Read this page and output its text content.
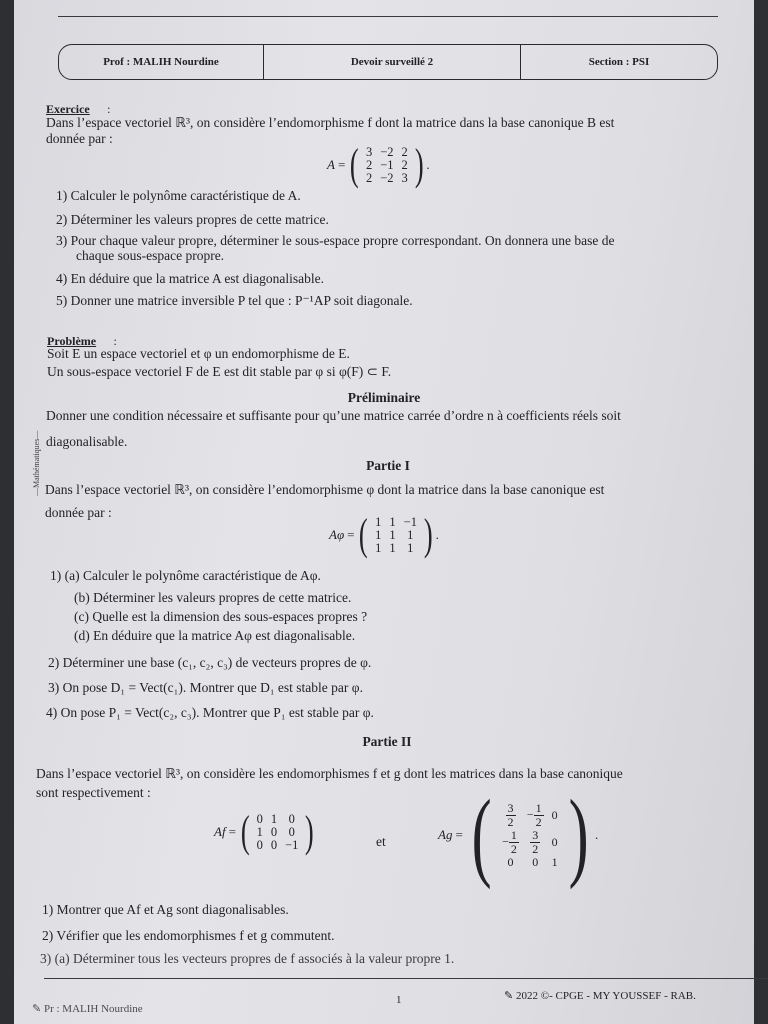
Prof : MALIH Nourdine	Devoir surveillé 2	Section : PSI
—Mathématiques—
Exercice :
Dans l’espace vectoriel ℝ³, on considère l’endomorphisme f dont la matrice dans la base canonique B est
donnée par :
A = ( 3	−2	2
2	−1	2
2	−2	3 ) .
1) Calculer le polynôme caractéristique de A.
2) Déterminer les valeurs propres de cette matrice.
3) Pour chaque valeur propre, déterminer le sous-espace propre correspondant. On donnera une base de
chaque sous-espace propre.
4) En déduire que la matrice A est diagonalisable.
5) Donner une matrice inversible P tel que : P⁻¹AP soit diagonale.
Problème :
Soit E un espace vectoriel et φ un endomorphisme de E.
Un sous-espace vectoriel F de E est dit stable par φ si φ(F) ⊂ F.
Préliminaire
Donner une condition nécessaire et suffisante pour qu’une matrice carrée d’ordre n à coefficients réels soit
diagonalisable.
Partie I
Dans l’espace vectoriel ℝ³, on considère l’endomorphisme φ dont la matrice dans la base canonique est
donnée par :
Aφ = ( 1	1	−1
1	1	1
1	1	1 ) .
1) (a) Calculer le polynôme caractéristique de Aφ.
(b) Déterminer les valeurs propres de cette matrice.
(c) Quelle est la dimension des sous-espaces propres ?
(d) En déduire que la matrice Aφ est diagonalisable.
2) Déterminer une base (c₁, c₂, c₃) de vecteurs propres de φ.
3) On pose D₁ = Vect(c₁). Montrer que D₁ est stable par φ.
4) On pose P₁ = Vect(c₂, c₃). Montrer que P₁ est stable par φ.
Partie II
Dans l’espace vectoriel ℝ³, on considère les endomorphismes f et g dont les matrices dans la base canonique
sont respectivement :
Af = ( 0	1	0
1	0	0
0	0	−1 )	et	Ag = ( $\frac{3}{2}$	− $\frac{1}{2}$	0
− $\frac{1}{2}$	$\frac{3}{2}$	0
0	0	1 ) .
1) Montrer que Af et Ag sont diagonalisables.
2) Vérifier que les endomorphismes f et g commutent.
3) (a) Déterminer tous les vecteurs propres de f associés à la valeur propre 1.
✎ Pr : MALIH Nourdine
1	✎ 2022 ©- CPGE - MY YOUSSEF - RAB.
